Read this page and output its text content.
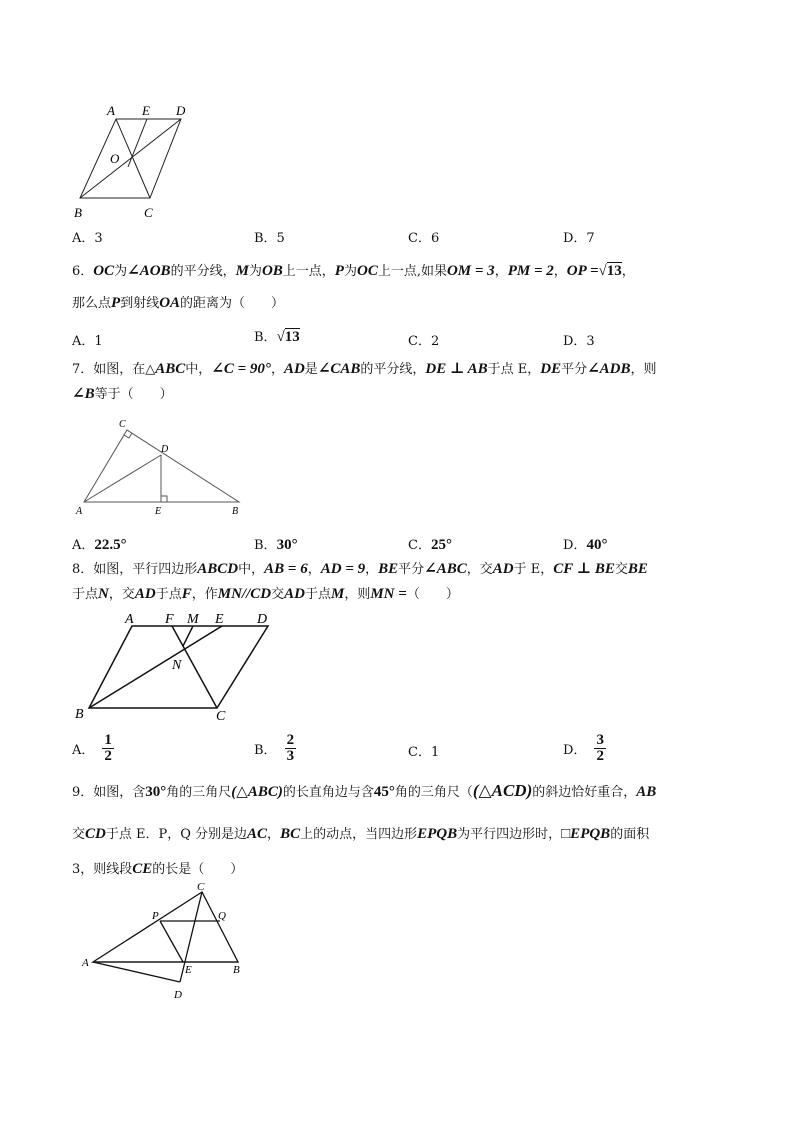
A E D
O
B	C
A．3	B．5	C．6	D．7
6．OC为∠AOB的平分线，M为OB上一点，P为OC上一点,如果OM = 3，PM = 2，OP =√13，
那么点P到射线OA的距离为（　　）
A．1	B．√13	C．2	D．3
7．如图，在△ABC中，∠C = 90°，AD是∠CAB的平分线，DE ⊥ AB于点 E，DE平分∠ADB，则
∠B等于（　　）
C
D
A	E	B
A．22.5°	B．30°	C．25°	D．40°
8．如图，平行四边形ABCD中，AB = 6，AD = 9，BE平分∠ABC，交AD于 E，CF ⊥ BE交BE
于点N，交AD于点F，作MN//CD交AD于点M，则MN =（　　）
A F M E D
N
B	C
A． $\frac{1}{2}$	B． $\frac{2}{3}$	C．1	D． $\frac{3}{2}$
9．如图，含30°角的三角尺(△ABC)的长直角边与含45°角的三角尺（(△ACD)的斜边恰好重合，AB
交CD于点 E．P，Q 分别是边AC，BC上的动点，当四边形EPQB为平行四边形时，□EPQB的面积
3，则线段CE的长是（　　）
C
P	Q
A
E	B
D
